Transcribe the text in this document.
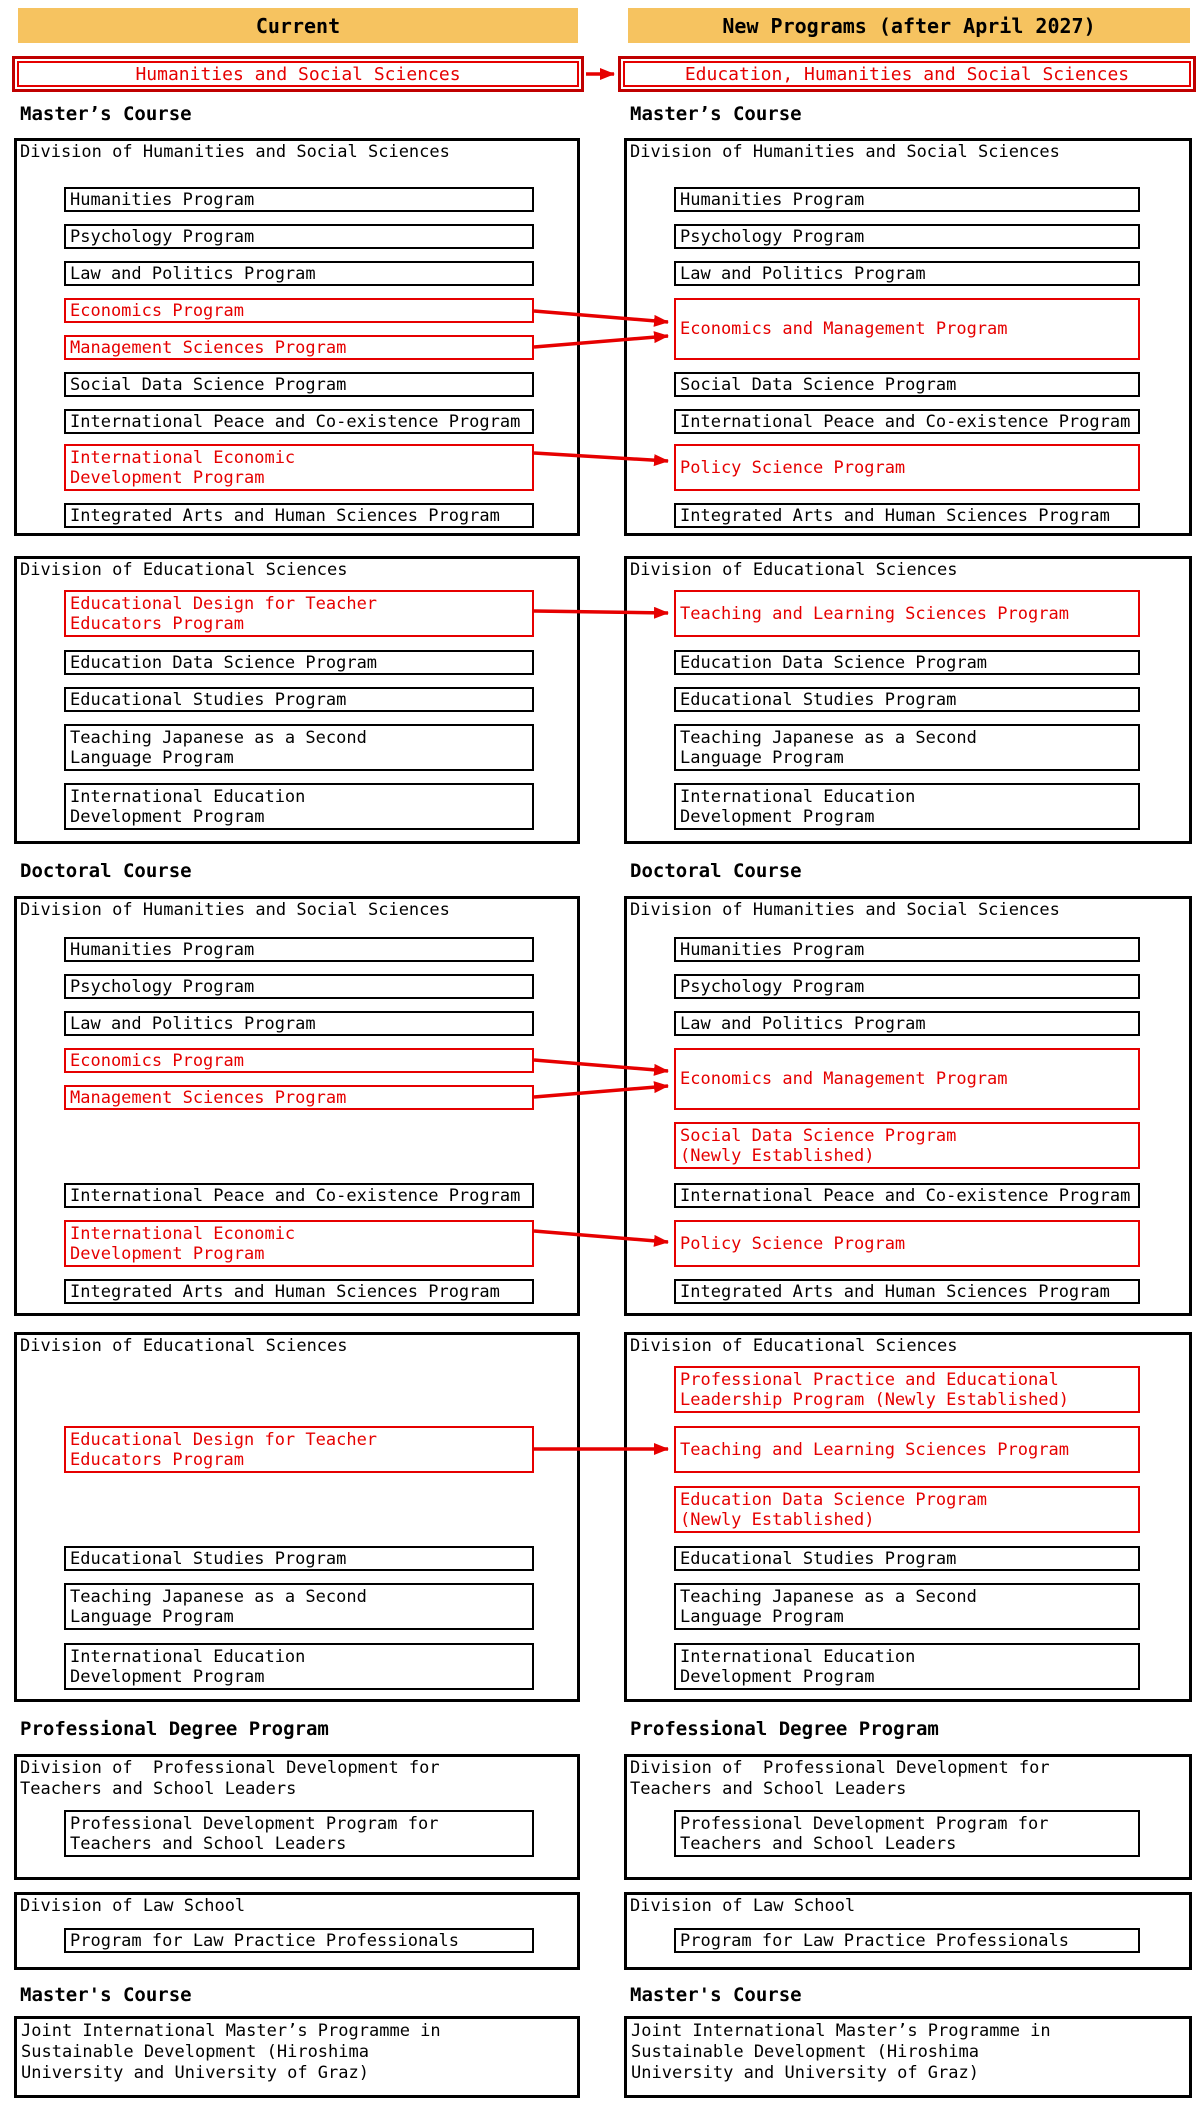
Current	New Programs (after April 2027)
Humanities and Social Sciences	Education, Humanities and Social Sciences
Master’s Course	Master’s Course
Division of Humanities and Social Sciences
Humanities Program
Psychology Program
Law and Politics Program
Economics Program
Management Sciences Program
Social Data Science Program
International Peace and Co-existence Program
International Economic
Development Program
Integrated Arts and Human Sciences Program
Division of Humanities and Social Sciences
Humanities Program
Psychology Program
Law and Politics Program
Economics and Management Program
Social Data Science Program
International Peace and Co-existence Program
Policy Science Program
Integrated Arts and Human Sciences Program
Division of Educational Sciences
Educational Design for Teacher
Educators Program
Education Data Science Program
Educational Studies Program
Teaching Japanese as a Second
Language Program
International Education
Development Program
Division of Educational Sciences
Teaching and Learning Sciences Program
Education Data Science Program
Educational Studies Program
Teaching Japanese as a Second
Language Program
International Education
Development Program
Doctoral Course	Doctoral Course
Division of Humanities and Social Sciences
Humanities Program
Psychology Program
Law and Politics Program
Economics Program
Management Sciences Program
International Peace and Co-existence Program
International Economic
Development Program
Integrated Arts and Human Sciences Program
Division of Humanities and Social Sciences
Humanities Program
Psychology Program
Law and Politics Program
Economics and Management Program
Social Data Science Program
(Newly Established)
International Peace and Co-existence Program
Policy Science Program
Integrated Arts and Human Sciences Program
Division of Educational Sciences
Educational Design for Teacher
Educators Program
Educational Studies Program
Teaching Japanese as a Second
Language Program
International Education
Development Program
Division of Educational Sciences
Professional Practice and Educational
Leadership Program (Newly Established)
Teaching and Learning Sciences Program
Education Data Science Program
(Newly Established)
Educational Studies Program
Teaching Japanese as a Second
Language Program
International Education
Development Program
Professional Degree Program	Professional Degree Program
Division of  Professional Development for
Teachers and School Leaders
Professional Development Program for
Teachers and School Leaders
Division of  Professional Development for
Teachers and School Leaders
Professional Development Program for
Teachers and School Leaders
Division of Law School
Program for Law Practice Professionals
Division of Law School
Program for Law Practice Professionals
Master's Course	Master's Course
Joint International Master’s Programme in
Sustainable Development (Hiroshima
University and University of Graz)
Joint International Master’s Programme in
Sustainable Development (Hiroshima
University and University of Graz)
